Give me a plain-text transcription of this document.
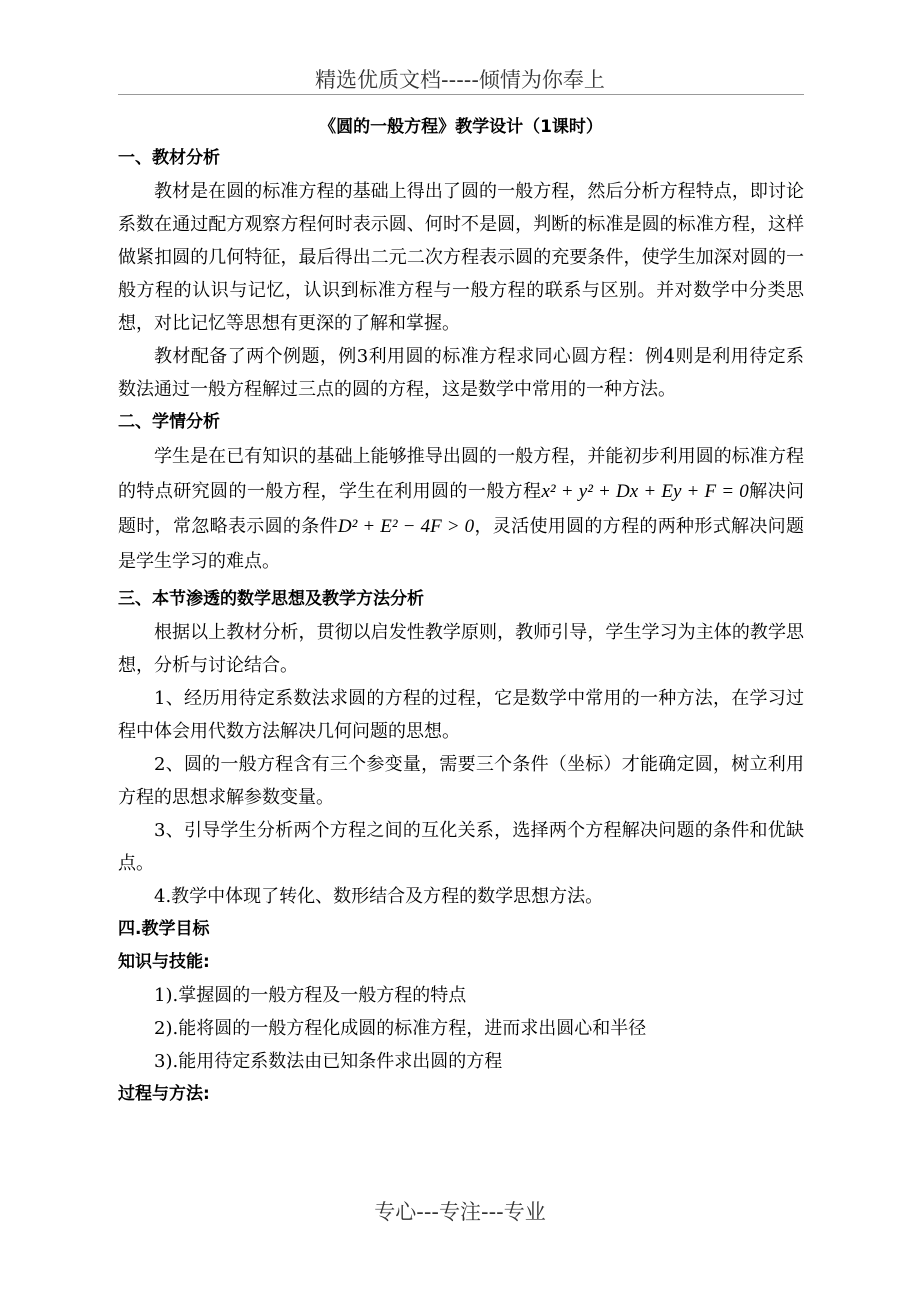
精选优质文档-----倾情为你奉上
《圆的一般方程》教学设计（1课时）
一、教材分析

教材是在圆的标准方程的基础上得出了圆的一般方程，然后分析方程特点，即讨论系数在通过配方观察方程何时表示圆、何时不是圆，判断的标准是圆的标准方程，这样做紧扣圆的几何特征，最后得出二元二次方程表示圆的充要条件，使学生加深对圆的一般方程的认识与记忆，认识到标准方程与一般方程的联系与区别。并对数学中分类思想，对比记忆等思想有更深的了解和掌握。

教材配备了两个例题，例3利用圆的标准方程求同心圆方程：例4则是利用待定系数法通过一般方程解过三点的圆的方程，这是数学中常用的一种方法。

二、学情分析

学生是在已有知识的基础上能够推导出圆的一般方程，并能初步利用圆的标准方程的特点研究圆的一般方程，学生在利用圆的一般方程x² + y² + Dx + Ey + F = 0解决问题时，常忽略表示圆的条件D² + E² − 4F > 0，灵活使用圆的方程的两种形式解决问题是学生学习的难点。

三、本节渗透的数学思想及教学方法分析

根据以上教材分析，贯彻以启发性教学原则，教师引导，学生学习为主体的教学思想，分析与讨论结合。

1、经历用待定系数法求圆的方程的过程，它是数学中常用的一种方法，在学习过程中体会用代数方法解决几何问题的思想。

2、圆的一般方程含有三个参变量，需要三个条件（坐标）才能确定圆，树立利用方程的思想求解参数变量。

3、引导学生分析两个方程之间的互化关系，选择两个方程解决问题的条件和优缺点。

4.教学中体现了转化、数形结合及方程的数学思想方法。

四.教学目标
知识与技能:
1).掌握圆的一般方程及一般方程的特点
2).能将圆的一般方程化成圆的标准方程，进而求出圆心和半径
3).能用待定系数法由已知条件求出圆的方程
过程与方法:
专心---专注---专业
